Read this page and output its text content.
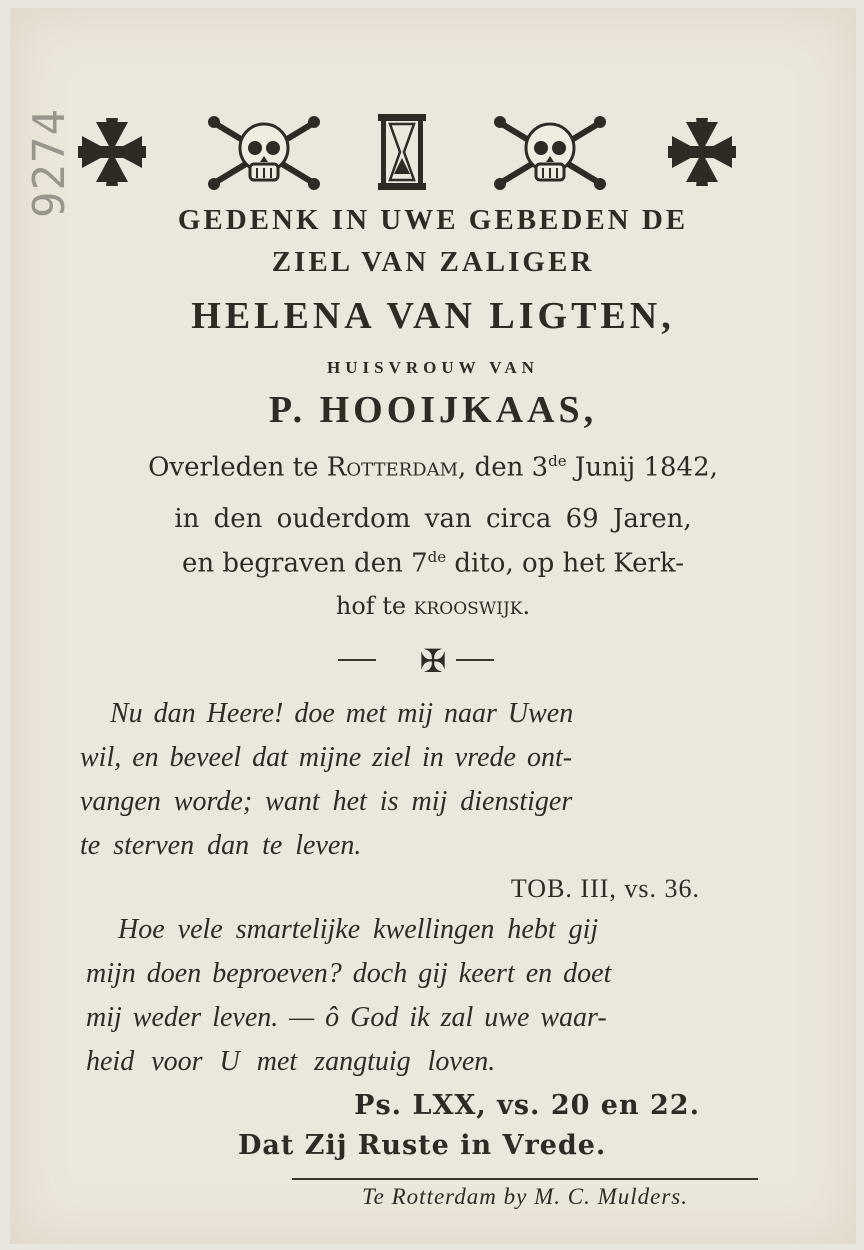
9274
GEDENK IN UWE GEBEDEN DE
ZIEL VAN ZALIGER
HELENA VAN LIGTEN,
HUISVROUW VAN
P. HOOIJKAAS,
Overleden te Rotterdam, den 3de Junij 1842,
in den ouderdom van circa 69 Jaren,
en begraven den 7de dito, op het Kerk-
hof te krooswijk.
✠
Nu dan Heere! doe met mij naar Uwen
wil, en beveel dat mijne ziel in vrede ont-
vangen worde; want het is mij dienstiger
te sterven dan te leven.
TOB. III, vs. 36.
Hoe vele smartelijke kwellingen hebt gij
mijn doen beproeven? doch gij keert en doet
mij weder leven. — ô God ik zal uwe waar-
heid voor U met zangtuig loven.
Ps. LXX, vs. 20 en 22.
Dat Zij Ruste in Vrede.
Te Rotterdam by M. C. Mulders.
